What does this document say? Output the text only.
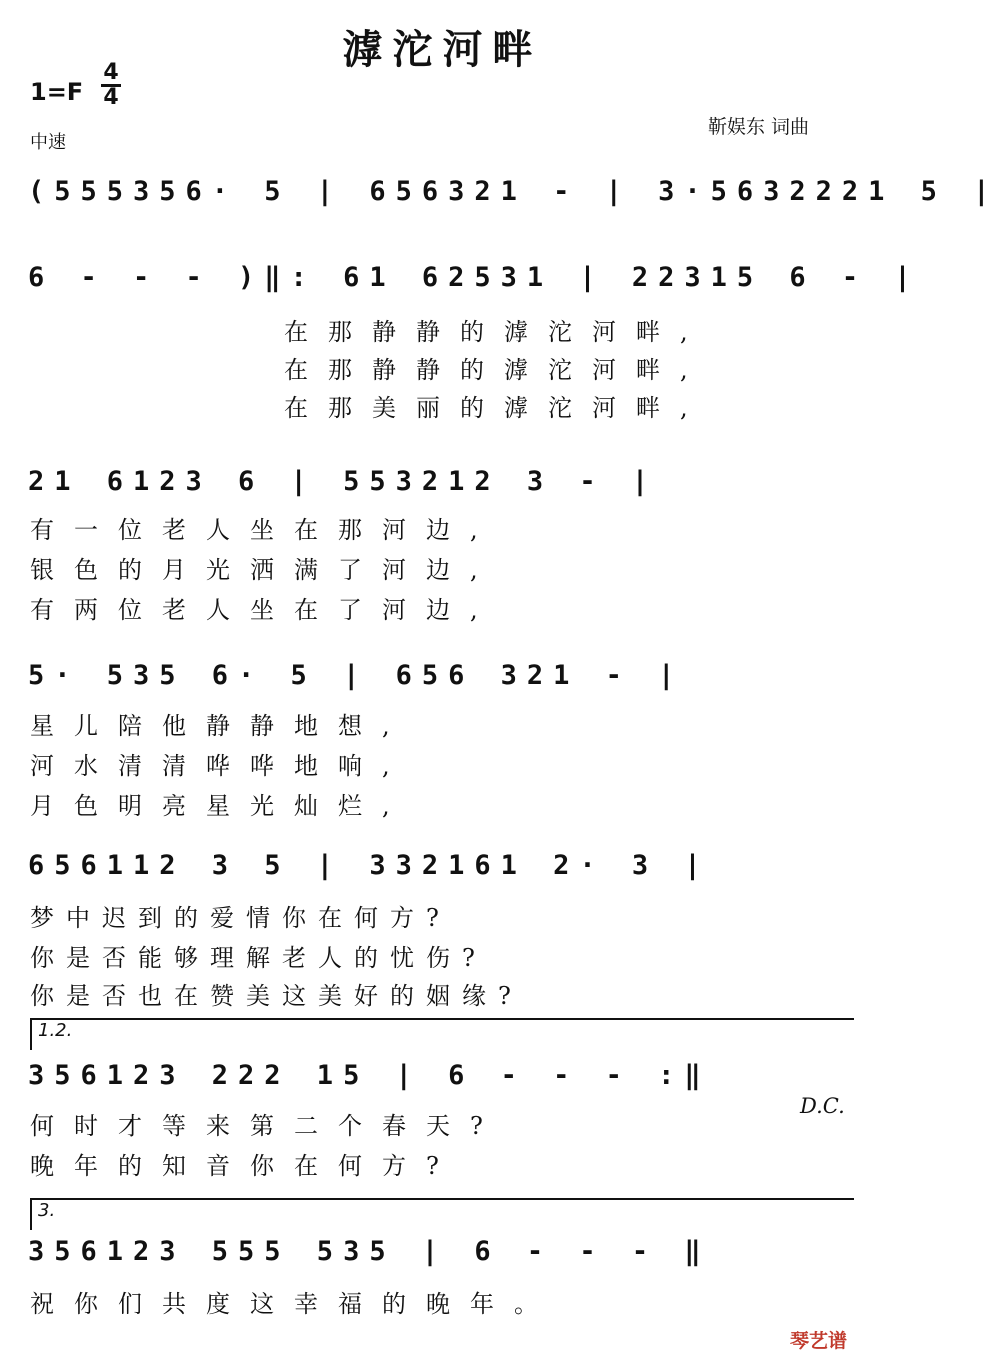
滹沱河畔
1=F
4
4
中速
靳娱东 词曲
(555356· 5 | 656321 - | 3·5632221 5 |
6 - - - )‖: 61 62531 | 22315 6 - |
在那静静的滹沱河畔,
在那静静的滹沱河畔,
在那美丽的滹沱河畔,
21 6123 6 | 553212 3 - |
有一位老人坐在那河边,
银色的月光洒满了河边,
有两位老人坐在了河边,
5· 535 6· 5 | 656 321 - |
星儿陪他静静地想,
河水清清哗哗地响,
月色明亮星光灿烂,
656112 3 5 | 332161 2· 3 |
梦中迟到的爱情你在何方?
你是否能够理解老人的忧伤?
你是否也在赞美这美好的姻缘?
1.2.
356123 222 15 | 6 - - - :‖
D.C.
何时才等来第二个春天?
晚年的知音你在何方?
3.
356123 555 535 | 6 - - - ‖
祝你们共度这幸福的晚年。
琴艺谱
